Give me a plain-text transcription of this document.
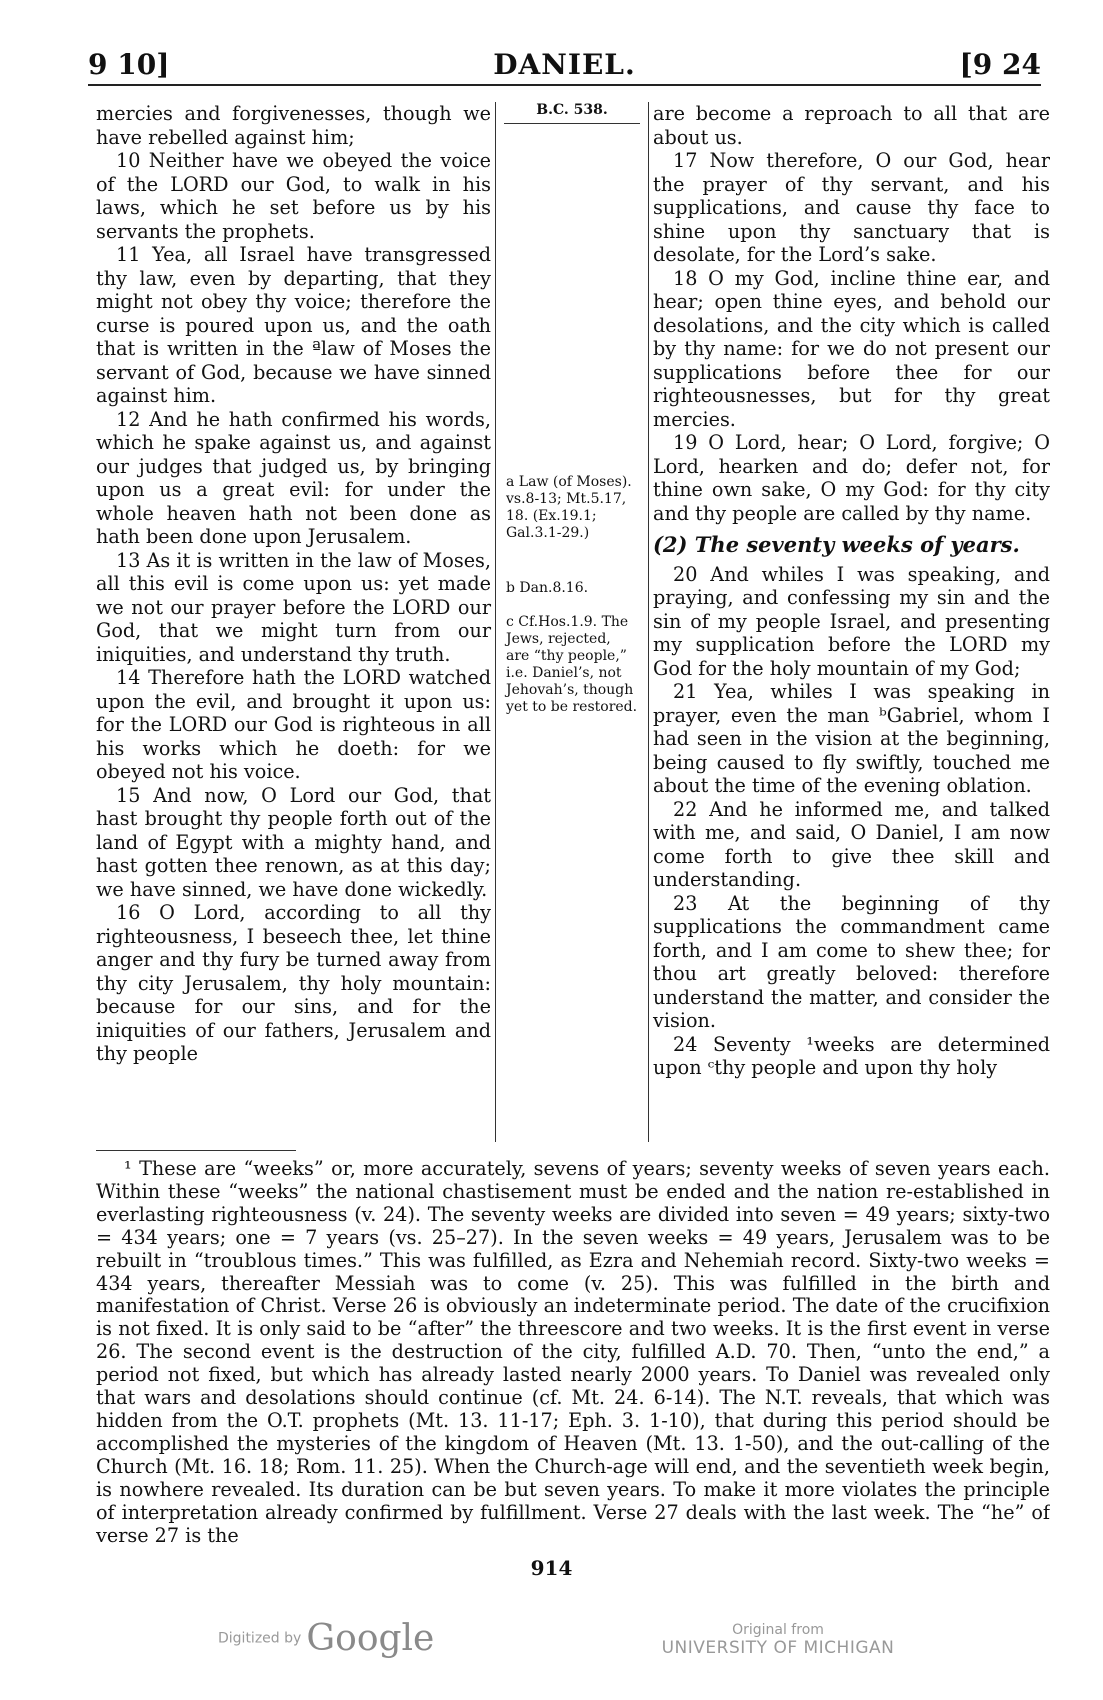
9 10]	DANIEL.	[9 24

mercies and forgivenesses, though we have rebelled against him;

10 Neither have we obeyed the voice of the LORD our God, to walk in his laws, which he set before us by his servants the prophets.

11 Yea, all Israel have transgressed thy law, even by departing, that they might not obey thy voice; therefore the curse is poured upon us, and the oath that is written in the ªlaw of Moses the servant of God, because we have sinned against him.

12 And he hath confirmed his words, which he spake against us, and against our judges that judged us, by bringing upon us a great evil: for under the whole heaven hath not been done as hath been done upon Jerusalem.

13 As it is written in the law of Moses, all this evil is come upon us: yet made we not our prayer before the LORD our God, that we might turn from our iniquities, and understand thy truth.

14 Therefore hath the LORD watched upon the evil, and brought it upon us: for the LORD our God is righteous in all his works which he doeth: for we obeyed not his voice.

15 And now, O Lord our God, that hast brought thy people forth out of the land of Egypt with a mighty hand, and hast gotten thee renown, as at this day; we have sinned, we have done wickedly.

16 O Lord, according to all thy righteousness, I beseech thee, let thine anger and thy fury be turned away from thy city Jerusalem, thy holy mountain: because for our sins, and for the iniquities of our fathers, Jerusalem and thy people

B.C. 538.
a Law (of Moses). vs.8-13; Mt.5.17, 18. (Ex.19.1; Gal.3.1-29.)
b Dan.8.16.
c Cf.Hos.1.9. The Jews, rejected, are “thy people,” i.e. Daniel’s, not Jehovah’s, though yet to be restored.

are become a reproach to all that are about us.

17 Now therefore, O our God, hear the prayer of thy servant, and his supplications, and cause thy face to shine upon thy sanctuary that is desolate, for the Lord’s sake.

18 O my God, incline thine ear, and hear; open thine eyes, and behold our desolations, and the city which is called by thy name: for we do not present our supplications before thee for our righteousnesses, but for thy great mercies.

19 O Lord, hear; O Lord, forgive; O Lord, hearken and do; defer not, for thine own sake, O my God: for thy city and thy people are called by thy name.

(2) The seventy weeks of years.

20 And whiles I was speaking, and praying, and confessing my sin and the sin of my people Israel, and presenting my supplication before the LORD my God for the holy mountain of my God;

21 Yea, whiles I was speaking in prayer, even the man ᵇGabriel, whom I had seen in the vision at the beginning, being caused to fly swiftly, touched me about the time of the evening oblation.

22 And he informed me, and talked with me, and said, O Daniel, I am now come forth to give thee skill and understanding.

23 At the beginning of thy supplications the commandment came forth, and I am come to shew thee; for thou art greatly beloved: therefore understand the matter, and consider the vision.

24 Seventy ¹weeks are determined upon ᶜthy people and upon thy holy

¹ These are “weeks” or, more accurately, sevens of years; seventy weeks of seven years each. Within these “weeks” the national chastisement must be ended and the nation re-established in everlasting righteousness (v. 24). The seventy weeks are divided into seven = 49 years; sixty-two = 434 years; one = 7 years (vs. 25–27). In the seven weeks = 49 years, Jerusalem was to be rebuilt in “troublous times.” This was fulfilled, as Ezra and Nehemiah record. Sixty-two weeks = 434 years, thereafter Messiah was to come (v. 25). This was fulfilled in the birth and manifestation of Christ. Verse 26 is obviously an indeterminate period. The date of the crucifixion is not fixed. It is only said to be “after” the threescore and two weeks. It is the first event in verse 26. The second event is the destruction of the city, fulfilled A.D. 70. Then, “unto the end,” a period not fixed, but which has already lasted nearly 2000 years. To Daniel was revealed only that wars and desolations should continue (cf. Mt. 24. 6-14). The N.T. reveals, that which was hidden from the O.T. prophets (Mt. 13. 11-17; Eph. 3. 1-10), that during this period should be accomplished the mysteries of the kingdom of Heaven (Mt. 13. 1-50), and the out-calling of the Church (Mt. 16. 18; Rom. 11. 25). When the Church-age will end, and the seventieth week begin, is nowhere revealed. Its duration can be but seven years. To make it more violates the principle of interpretation already confirmed by fulfillment. Verse 27 deals with the last week. The “he” of verse 27 is the

914
Digitized by Google	Original from
UNIVERSITY OF MICHIGAN
